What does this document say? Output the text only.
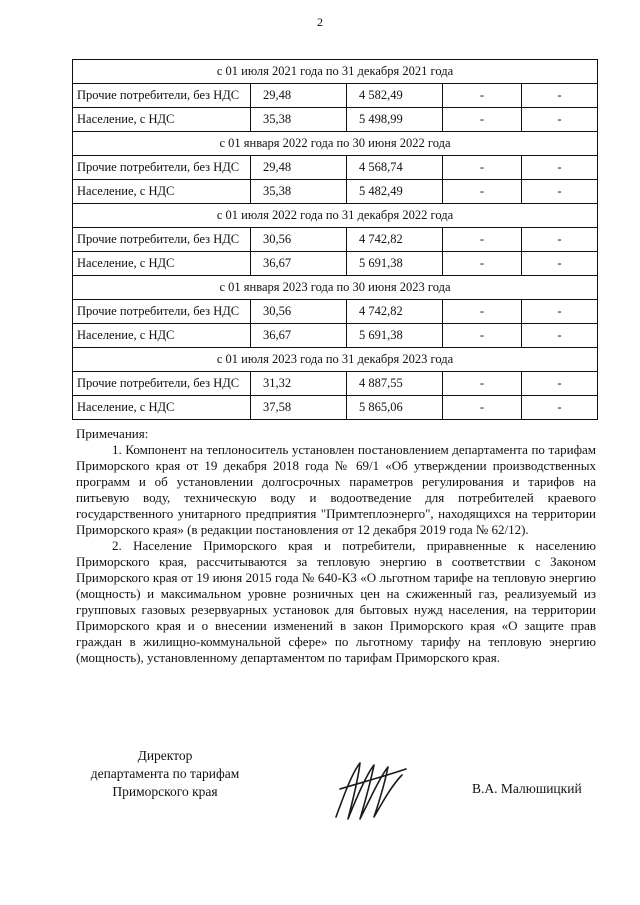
2
с 01 июля 2021 года по 31 декабря 2021 года				
Прочие потребители, без НДС	29,48	4 582,49	-	-
Население, с НДС	35,38	5 498,99	-	-
с 01 января 2022 года по 30 июня 2022 года				
Прочие потребители, без НДС	29,48	4 568,74	-	-
Население, с НДС	35,38	5 482,49	-	-
с 01 июля 2022 года по 31 декабря 2022 года				
Прочие потребители, без НДС	30,56	4 742,82	-	-
Население, с НДС	36,67	5 691,38	-	-
с 01 января 2023 года по 30 июня 2023 года				
Прочие потребители, без НДС	30,56	4 742,82	-	-
Население, с НДС	36,67	5 691,38	-	-
с 01 июля 2023 года по 31 декабря 2023 года				
Прочие потребители, без НДС	31,32	4 887,55	-	-
Население, с НДС	37,58	5 865,06	-	-

Примечания:

1. Компонент на теплоноситель установлен постановлением департамента по тарифам Приморского края от 19 декабря 2018 года № 69/1 «Об утверждении производственных программ и об установлении долгосрочных параметров регулирования и тарифов на питьевую воду, техническую воду и водоотведение для потребителей краевого государственного унитарного предприятия "Примтеплоэнерго", находящихся на территории Приморского края» (в редакции постановления от 12 декабря 2019 года № 62/12).

2. Население Приморского края и потребители, приравненные к населению Приморского края, рассчитываются за тепловую энергию в соответствии с Законом Приморского края от 19 июня 2015 года № 640-КЗ «О льготном тарифе на тепловую энергию (мощность) и максимальном уровне розничных цен на сжиженный газ, реализуемый из групповых газовых резервуарных установок для бытовых нужд населения, на территории Приморского края и о внесении изменений в закон Приморского края «О защите прав граждан в жилищно-коммунальной сфере» по льготному тарифу на тепловую энергию (мощность), установленному департаментом по тарифам Приморского края.

Директор
департамента по тарифам
Приморского края	В.А. Малюшицкий
